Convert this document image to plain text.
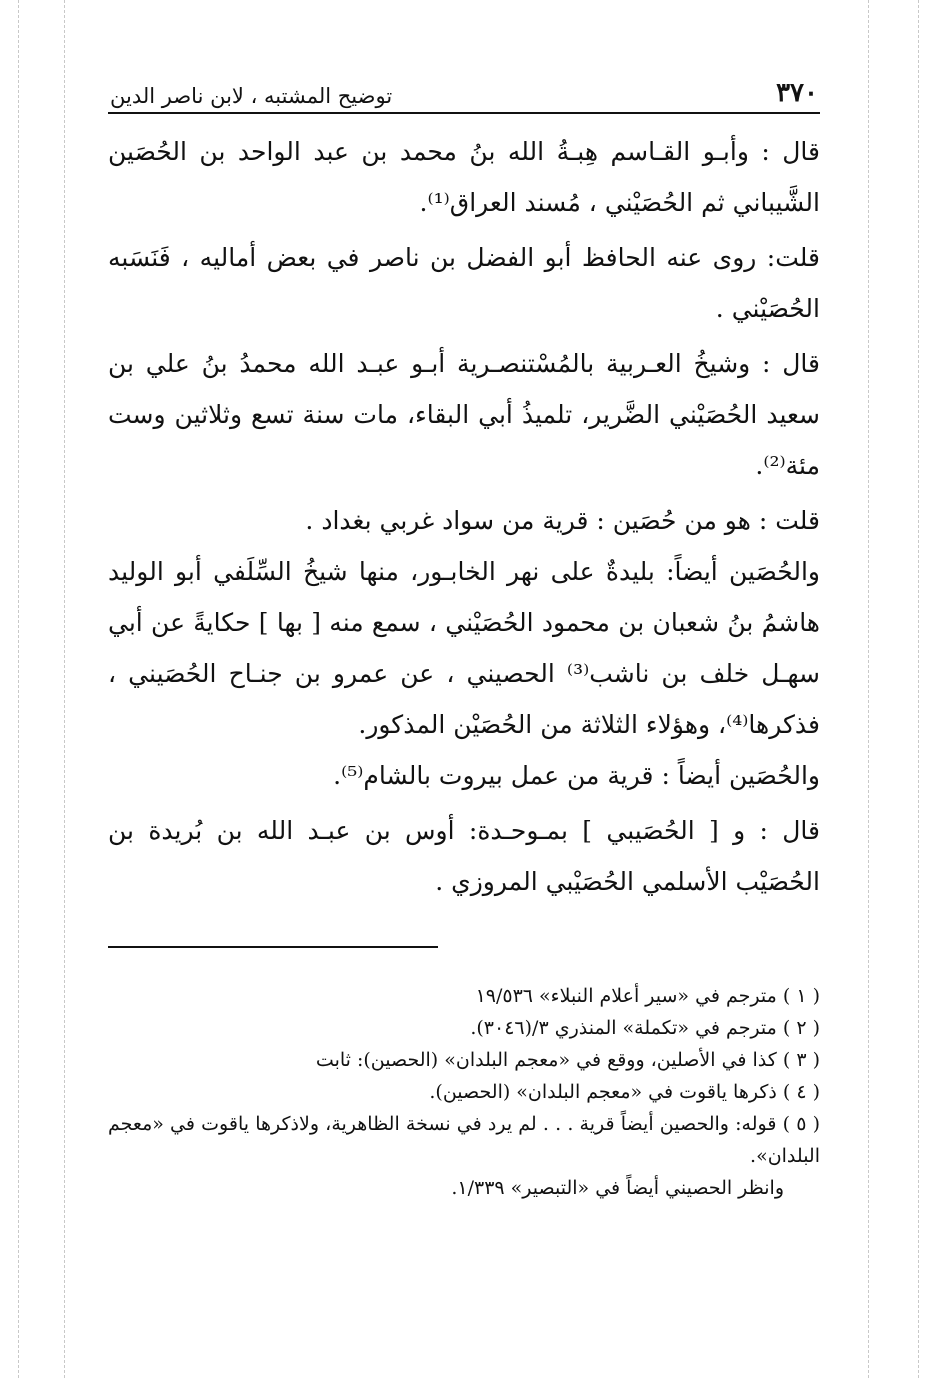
٣٧٠
توضيح المشتبه ، لابن ناصر الدين

قال : وأبـو القـاسم هِبـةُ الله بنُ محمد بن عبد الواحد بن الحُصَين الشَّيباني ثم الحُصَيْني ، مُسند العراق⁽¹⁾.

قلت: روى عنه الحافظ أبو الفضل بن ناصر في بعض أماليه ، فَنَسَبه الحُصَيْني .

قال : وشيخُ العـربية بالمُسْتنصـرية أبـو عبـد الله محمدُ بنُ علي بن سعيد الحُصَيْني الضَّرير، تلميذُ أبي البقاء، مات سنة تسع وثلاثين وست مئة⁽²⁾.

قلت : هو من حُصَين : قرية من سواد غربي بغداد .

والحُصَين أيضاً: بليدةٌ على نهر الخابـور، منها شيخُ السِّلَفي أبو الوليد هاشمُ بنُ شعبان بن محمود الحُصَيْني ، سمع منه [ بها ] حكايةً عن أبي سهـل خلف بن ناشب⁽³⁾ الحصيني ، عن عمرو بن جنـاح الحُصَيني ، فذكرها⁽⁴⁾، وهؤلاء الثلاثة من الحُصَيْن المذكور.

والحُصَين أيضاً : قرية من عمل بيروت بالشام⁽⁵⁾.

قال : و [ الحُصَيبي ] بمـوحـدة: أوس بن عبـد الله بن بُريدة بن الحُصَيْب الأسلمي الحُصَيْبي المروزي .

( ١ ) مترجم في «سير أعلام النبلاء» ١٩/٥٣٦

( ٢ ) مترجم في «تكملة» المنذري ٣/(٣٠٤٦).

( ٣ ) كذا في الأصلين، ووقع في «معجم البلدان» (الحصين): ثابت

( ٤ ) ذكرها ياقوت في «معجم البلدان» (الحصين).

( ٥ ) قوله: والحصين أيضاً قرية . . . لم يرد في نسخة الظاهرية، ولاذكرها ياقوت في «معجم البلدان».

وانظر الحصيني أيضاً في «التبصير» ١/٣٣٩.
